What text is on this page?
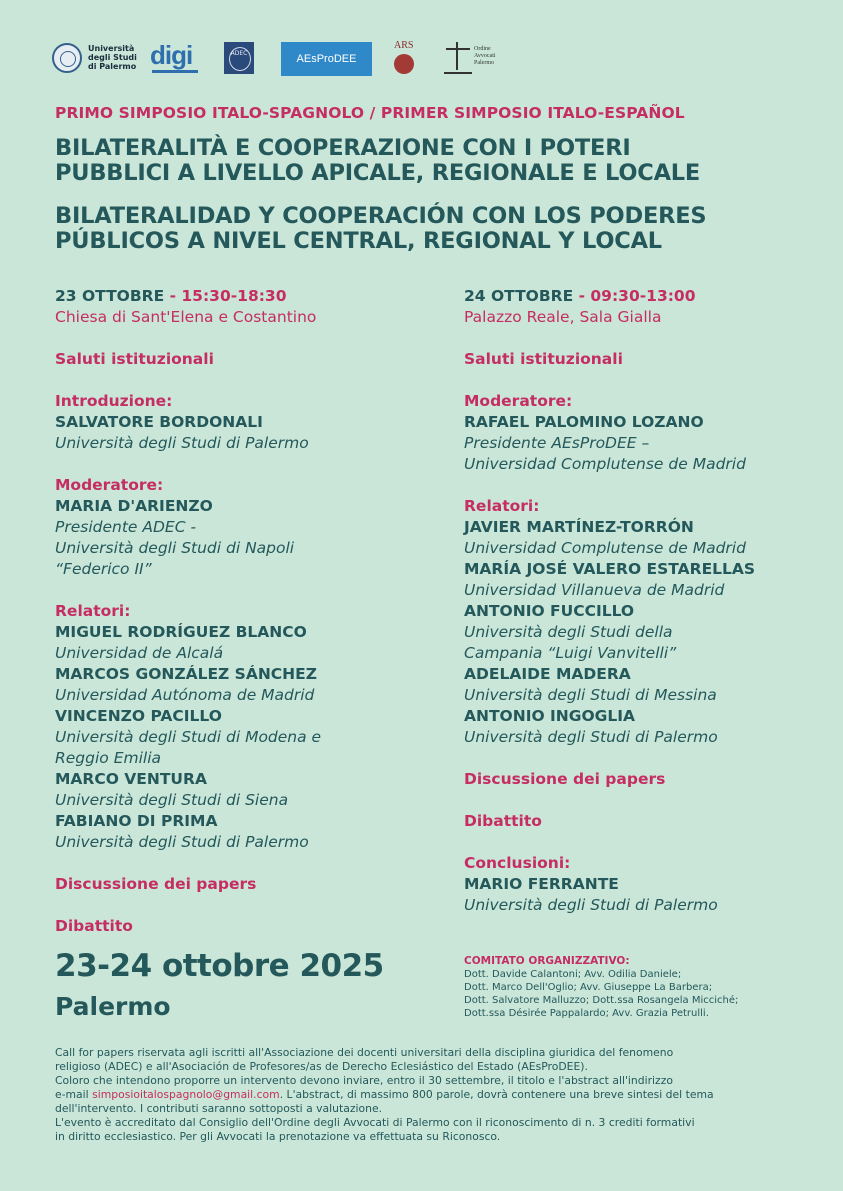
Università degli Studi di Palermo digi	ADEC	AEsProDEE
ARS	Ordine Avvocati Palermo
PRIMO SIMPOSIO ITALO-SPAGNOLO / PRIMER SIMPOSIO ITALO-ESPAÑOL
BILATERALITÀ E COOPERAZIONE CON I POTERI
PUBBLICI A LIVELLO APICALE, REGIONALE E LOCALE
BILATERALIDAD Y COOPERACIÓN CON LOS PODERES
PÚBLICOS A NIVEL CENTRAL, REGIONAL Y LOCAL
23 OTTOBRE - 15:30-18:30
Chiesa di Sant'Elena e Costantino
Saluti istituzionali
Introduzione:
SALVATORE BORDONALI
Università degli Studi di Palermo
Moderatore:
MARIA D'ARIENZO
Presidente ADEC -
Università degli Studi di Napoli
“Federico II”
Relatori:
MIGUEL RODRÍGUEZ BLANCO
Universidad de Alcalá
MARCOS GONZÁLEZ SÁNCHEZ
Universidad Autónoma de Madrid
VINCENZO PACILLO
Università degli Studi di Modena e
Reggio Emilia
MARCO VENTURA
Università degli Studi di Siena
FABIANO DI PRIMA
Università degli Studi di Palermo
Discussione dei papers
Dibattito
24 OTTOBRE - 09:30-13:00
Palazzo Reale, Sala Gialla
Saluti istituzionali
Moderatore:
RAFAEL PALOMINO LOZANO
Presidente AEsProDEE –
Universidad Complutense de Madrid
Relatori:
JAVIER MARTÍNEZ-TORRÓN
Universidad Complutense de Madrid
MARÍA JOSÉ VALERO ESTARELLAS
Universidad Villanueva de Madrid
ANTONIO FUCCILLO
Università degli Studi della
Campania “Luigi Vanvitelli”
ADELAIDE MADERA
Università degli Studi di Messina
ANTONIO INGOGLIA
Università degli Studi di Palermo
Discussione dei papers
Dibattito
Conclusioni:
MARIO FERRANTE
Università degli Studi di Palermo
23-24 ottobre 2025
Palermo
COMITATO ORGANIZZATIVO:
Dott. Davide Calantoni; Avv. Odilia Daniele;
Dott. Marco Dell'Oglio; Avv. Giuseppe La Barbera;
Dott. Salvatore Malluzzo; Dott.ssa Rosangela Micciché;
Dott.ssa Désirée Pappalardo; Avv. Grazia Petrulli.
Call for papers riservata agli iscritti all'Associazione dei docenti universitari della disciplina giuridica del fenomeno
religioso (ADEC) e all'Asociación de Profesores/as de Derecho Eclesiástico del Estado (AEsProDEE).
Coloro che intendono proporre un intervento devono inviare, entro il 30 settembre, il titolo e l'abstract all'indirizzo
e-mail simposioitalospagnolo@gmail.com. L'abstract, di massimo 800 parole, dovrà contenere una breve sintesi del tema
dell'intervento. I contributi saranno sottoposti a valutazione.
L'evento è accreditato dal Consiglio dell'Ordine degli Avvocati di Palermo con il riconoscimento di n. 3 crediti formativi
in diritto ecclesiastico. Per gli Avvocati la prenotazione va effettuata su Riconosco.
